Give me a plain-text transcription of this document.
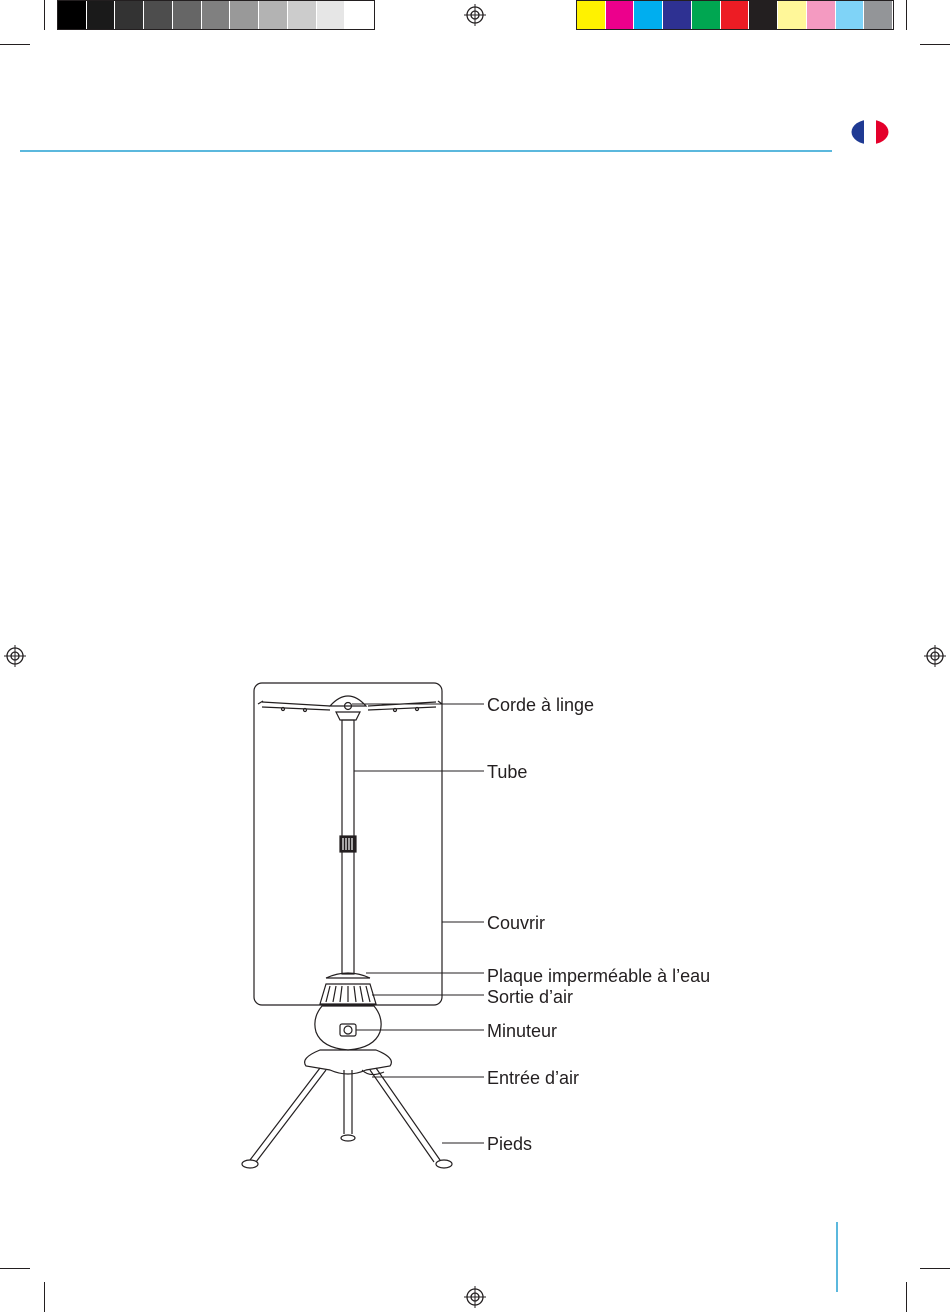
Corde à linge
Tube
Couvrir
Plaque imperméable à l’eau
Sortie d’air
Minuteur
Entrée d’air
Pieds
